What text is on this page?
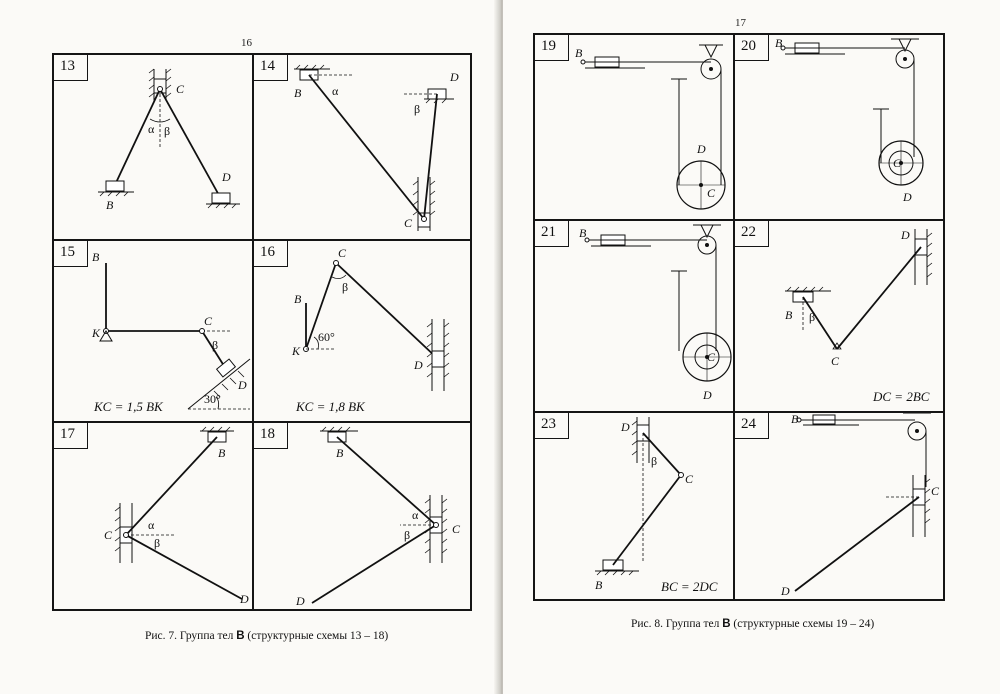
16
13
C
B
D
α β
14
B
D
C
α
β
15 B
K
C
D
β
30°
KC = 1,5 BK
16	C
B
K
D
β
60°
KC = 1,8 BK
17
B
C
D
α
β
18
B
C
D
α
β
Рис. 7. Группа тел В (структурные схемы 13 – 18)
17
19 B
D
C
20 B
C
D
21 B
C
D
22	D
B
C
β
DC = 2BC
23	D
C
B
β
BC = 2DC
24	B
C
D
Рис. 8. Группа тел В (структурные схемы 19 – 24)
